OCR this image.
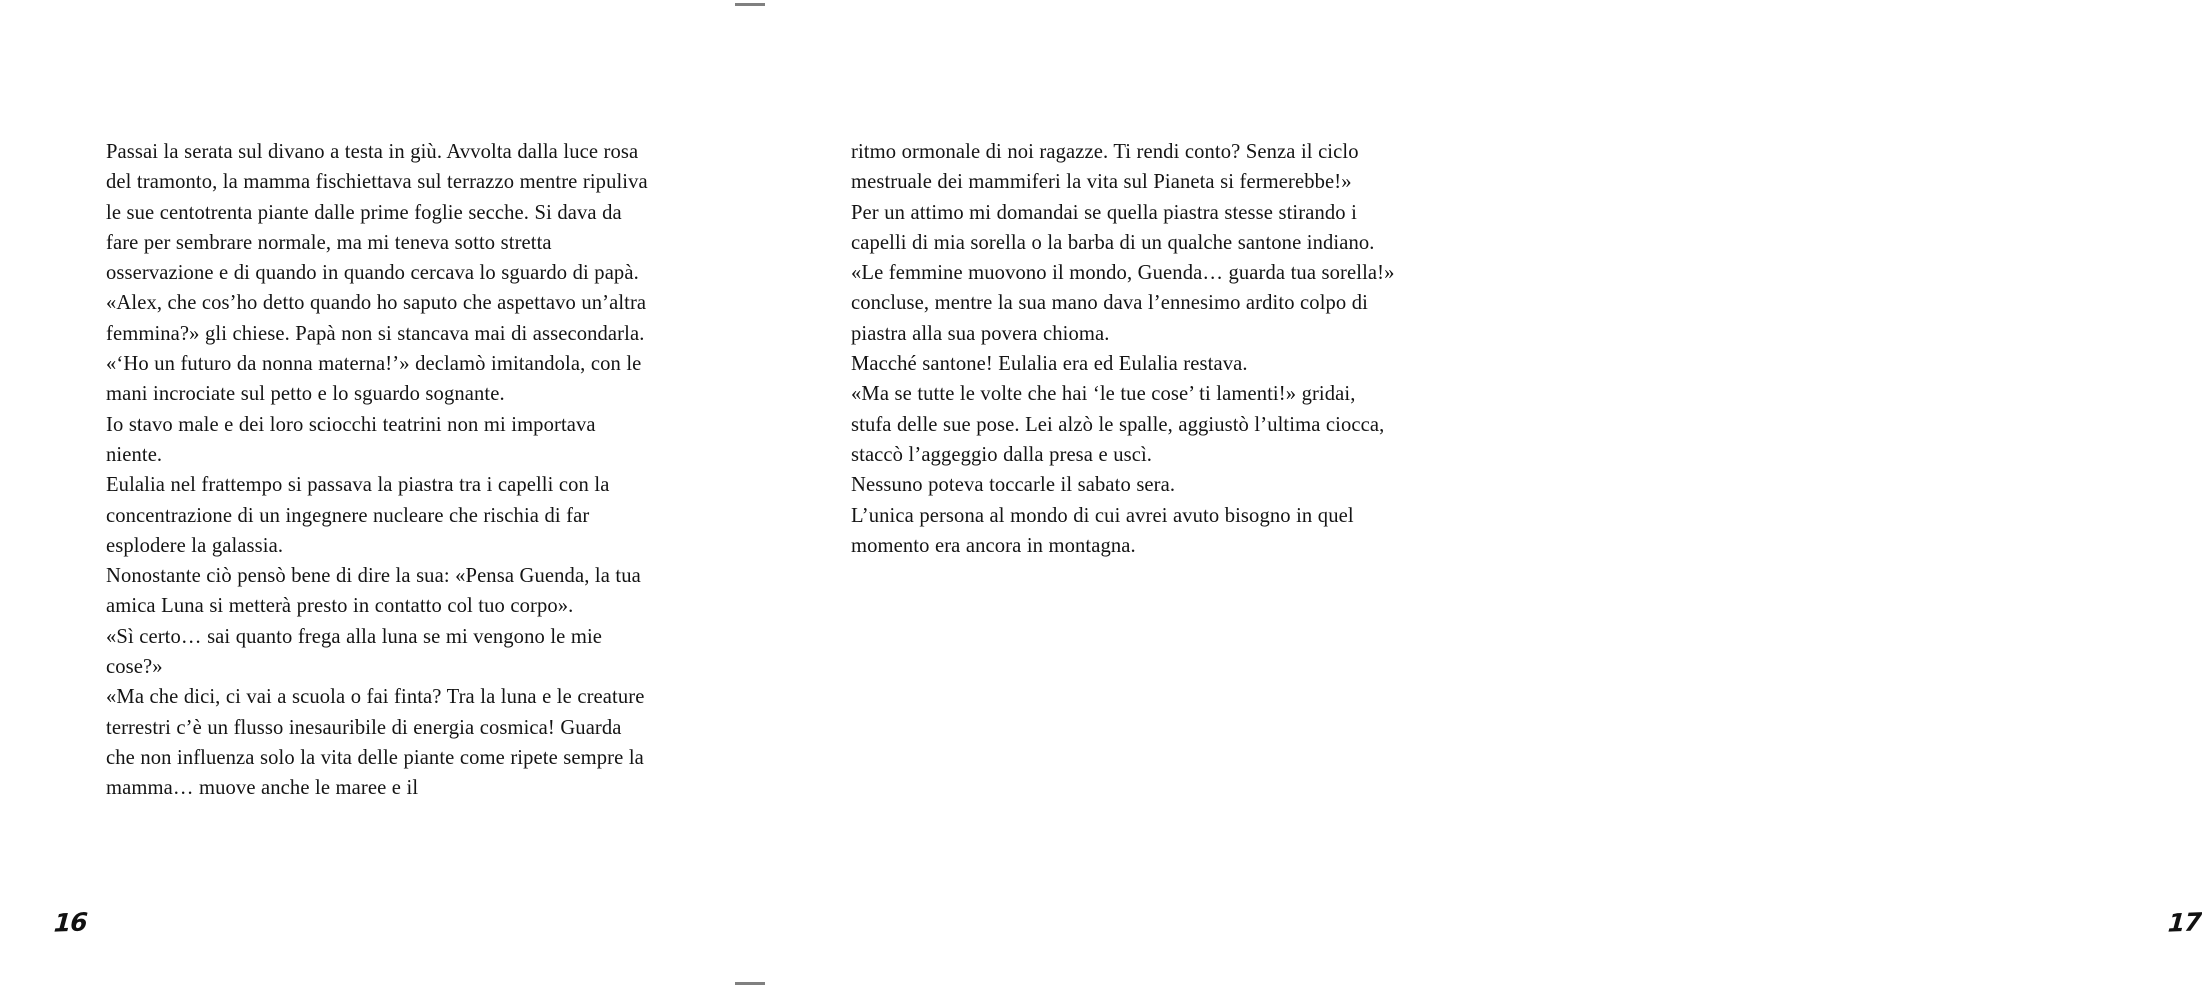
Passai la serata sul divano a testa in giù. Avvolta dalla luce rosa del tramonto, la mamma fischiettava sul terrazzo mentre ripuliva le sue centotrenta piante dalle prime foglie secche. Si dava da fare per sembrare normale, ma mi teneva sotto stretta osservazione e di quando in quando cercava lo sguardo di papà.

«Alex, che cos’ho detto quando ho saputo che aspettavo un’altra femmina?» gli chiese. Papà non si stancava mai di assecondarla.

«‘Ho un futuro da nonna materna!’» declamò imitandola, con le mani incrociate sul petto e lo sguardo sognante.

Io stavo male e dei loro sciocchi teatrini non mi importava niente.

Eulalia nel frattempo si passava la piastra tra i capelli con la concentrazione di un ingegnere nucleare che rischia di far esplodere la galassia.

Nonostante ciò pensò bene di dire la sua: «Pensa Guenda, la tua amica Luna si metterà presto in contatto col tuo corpo».

«Sì certo… sai quanto frega alla luna se mi vengono le mie cose?»

«Ma che dici, ci vai a scuola o fai finta? Tra la luna e le creature terrestri c’è un flusso inesauribile di energia cosmica! Guarda che non influenza solo la vita delle piante come ripete sempre la mamma… muove anche le maree e il

16

ritmo ormonale di noi ragazze. Ti rendi conto? Senza il ciclo mestruale dei mammiferi la vita sul Pianeta si fermerebbe!»

Per un attimo mi domandai se quella piastra stesse stirando i capelli di mia sorella o la barba di un qualche santone indiano.

«Le femmine muovono il mondo, Guenda… guarda tua sorella!» concluse, mentre la sua mano dava l’ennesimo ardito colpo di piastra alla sua povera chioma.

Macché santone! Eulalia era ed Eulalia restava.

«Ma se tutte le volte che hai ‘le tue cose’ ti lamenti!» gridai, stufa delle sue pose. Lei alzò le spalle, aggiustò l’ultima ciocca, staccò l’aggeggio dalla presa e uscì.

Nessuno poteva toccarle il sabato sera.

L’unica persona al mondo di cui avrei avuto bisogno in quel momento era ancora in montagna.

17
